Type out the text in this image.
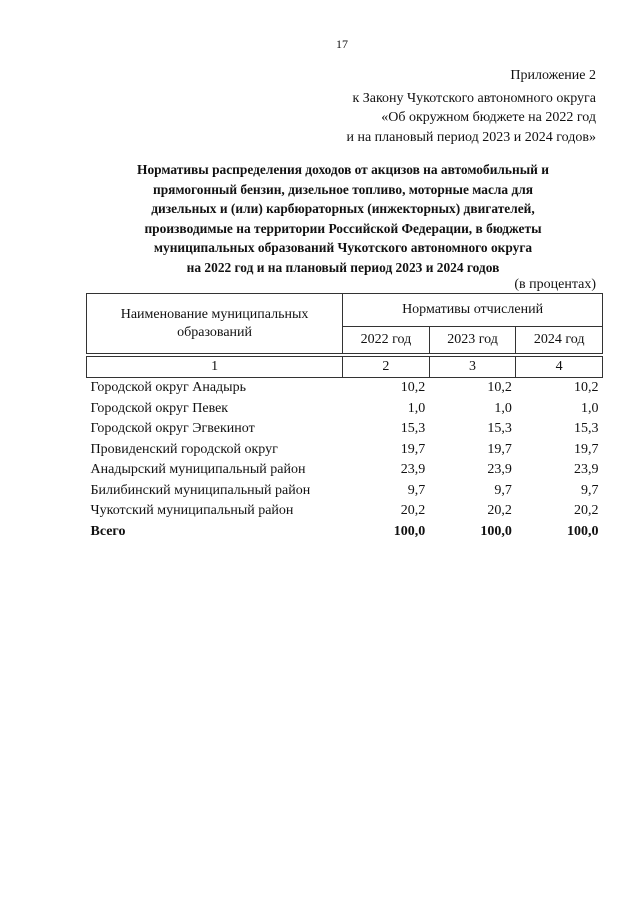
17
Приложение 2
к Закону Чукотского автономного округа
«Об окружном бюджете на 2022 год
и на плановый период 2023 и 2024 годов»
Нормативы распределения доходов от акцизов на автомобильный и
прямогонный бензин, дизельное топливо, моторные масла для
дизельных и (или) карбюраторных (инжекторных) двигателей,
производимые на территории Российской Федерации, в бюджеты
муниципальных образований Чукотского автономного округа
на 2022 год и на плановый период 2023 и 2024 годов
(в процентах)
Наименование муниципальных
образований	Нормативы отчислений		
	2022 год	2023 год	2024 год

1	2	3	4
Городской округ Анадырь	10,2	10,2	10,2
Городской округ Певек	1,0	1,0	1,0
Городской округ Эгвекинот	15,3	15,3	15,3
Провиденский городской округ	19,7	19,7	19,7
Анадырский муниципальный район	23,9	23,9	23,9
Билибинский муниципальный район	9,7	9,7	9,7
Чукотский муниципальный район	20,2	20,2	20,2
Всего	100,0	100,0	100,0
